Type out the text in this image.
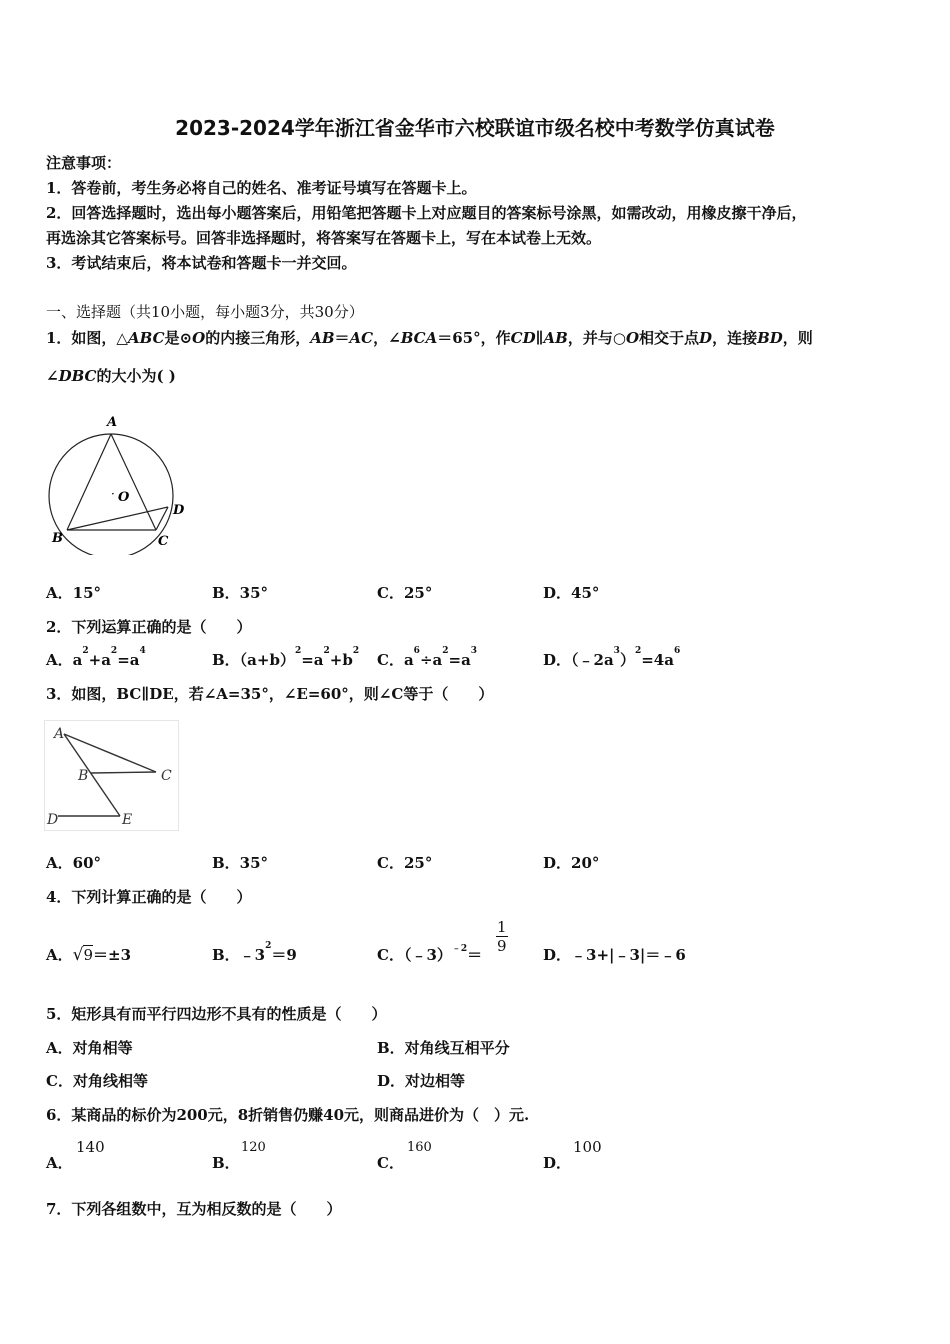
2023-2024学年浙江省金华市六校联谊市级名校中考数学仿真试卷
注意事项：
1．答卷前，考生务必将自己的姓名、准考证号填写在答题卡上。
2．回答选择题时，选出每小题答案后，用铅笔把答题卡上对应题目的答案标号涂黑，如需改动，用橡皮擦干净后，
再选涂其它答案标号。回答非选择题时，将答案写在答题卡上，写在本试卷上无效。
3．考试结束后，将本试卷和答题卡一并交回。
一、选择题（共10小题，每小题3分，共30分）
1．如图，△ABC是⊙O的内接三角形，AB＝AC，∠BCA＝65°，作CD∥AB，并与○O相交于点D，连接BD，则
∠DBC的大小为( )
A
· O
D
B	C
A．15°	B．35°	C．25°	D．45°
2．下列运算正确的是（　　）
A．$a^2+a^2=a^4$	B．$(a+b)^2=a^2+b^2$ C．$a^6\div a^2=a^3$	D．$(﹣2a^3)^2=4a^6$
3．如图，BC∥DE，若∠A=35°，∠E=60°，则∠C等于（　　）
A
B	C
D	E
A．60°	B．35°	C．25°	D．20°
4．下列计算正确的是（　　）
A．√9＝±3	B．$﹣3^2=9$	C．（﹣3）$^{﹣2}$＝ $\frac{1}{9}$ D．﹣3+|﹣3|＝﹣6
5．矩形具有而平行四边形不具有的性质是（　　）
A．对角相等	B．对角线互相平分
C．对角线相等	D．对边相等
6．某商品的标价为200元，8折销售仍赚40元，则商品进价为（　）元.
A．
140
B．
120
C．
160
D．
100
7．下列各组数中，互为相反数的是（　　）
